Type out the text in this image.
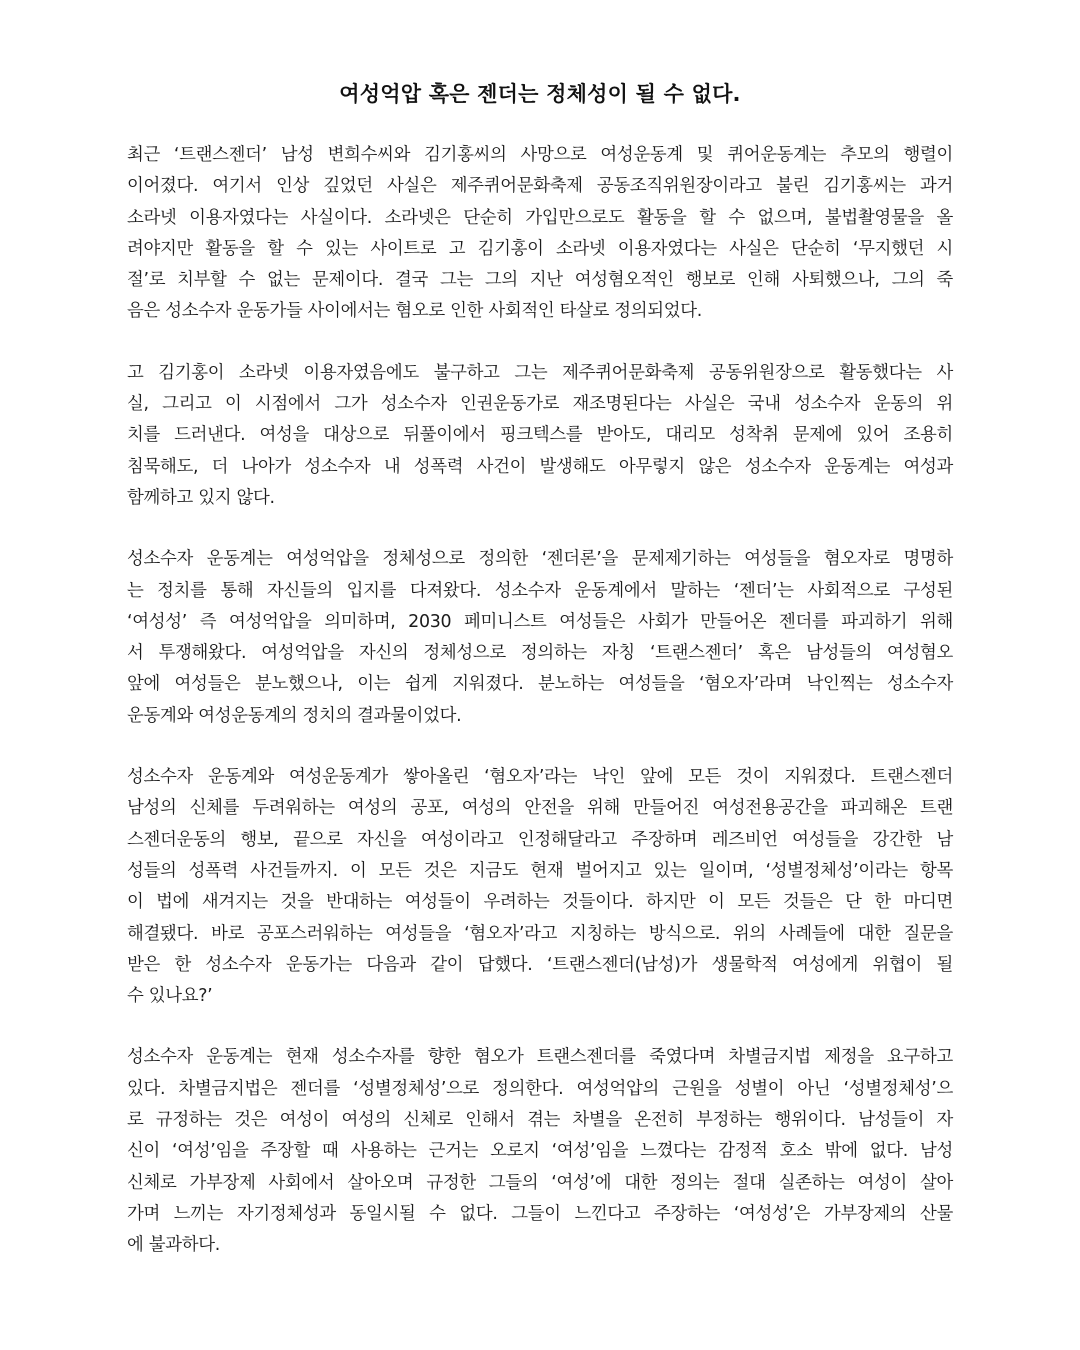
여성억압 혹은 젠더는 정체성이 될 수 없다.

최근 ‘트랜스젠더’ 남성 변희수씨와 김기홍씨의 사망으로 여성운동계 및 퀴어운동계는 추모의 행렬이
이어졌다. 여기서 인상 깊었던 사실은 제주퀴어문화축제 공동조직위원장이라고 불린 김기홍씨는 과거
소라넷 이용자였다는 사실이다. 소라넷은 단순히 가입만으로도 활동을 할 수 없으며, 불법촬영물을 올
려야지만 활동을 할 수 있는 사이트로 고 김기홍이 소라넷 이용자였다는 사실은 단순히 ‘무지했던 시
절’로 치부할 수 없는 문제이다. 결국 그는 그의 지난 여성혐오적인 행보로 인해 사퇴했으나, 그의 죽
음은 성소수자 운동가들 사이에서는 혐오로 인한 사회적인 타살로 정의되었다.

고 김기홍이 소라넷 이용자였음에도 불구하고 그는 제주퀴어문화축제 공동위원장으로 활동했다는 사
실, 그리고 이 시점에서 그가 성소수자 인권운동가로 재조명된다는 사실은 국내 성소수자 운동의 위
치를 드러낸다. 여성을 대상으로 뒤풀이에서 핑크텍스를 받아도, 대리모 성착취 문제에 있어 조용히
침묵해도, 더 나아가 성소수자 내 성폭력 사건이 발생해도 아무렇지 않은 성소수자 운동계는 여성과
함께하고 있지 않다.

성소수자 운동계는 여성억압을 정체성으로 정의한 ‘젠더론’을 문제제기하는 여성들을 혐오자로 명명하
는 정치를 통해 자신들의 입지를 다져왔다. 성소수자 운동계에서 말하는 ‘젠더’는 사회적으로 구성된
‘여성성’ 즉 여성억압을 의미하며, 2030 페미니스트 여성들은 사회가 만들어온 젠더를 파괴하기 위해
서 투쟁해왔다. 여성억압을 자신의 정체성으로 정의하는 자칭 ‘트랜스젠더’ 혹은 남성들의 여성혐오
앞에 여성들은 분노했으나, 이는 쉽게 지워졌다. 분노하는 여성들을 ‘혐오자’라며 낙인찍는 성소수자
운동계와 여성운동계의 정치의 결과물이었다.

성소수자 운동계와 여성운동계가 쌓아올린 ‘혐오자’라는 낙인 앞에 모든 것이 지워졌다. 트랜스젠더
남성의 신체를 두려워하는 여성의 공포, 여성의 안전을 위해 만들어진 여성전용공간을 파괴해온 트랜
스젠더운동의 행보, 끝으로 자신을 여성이라고 인정해달라고 주장하며 레즈비언 여성들을 강간한 남
성들의 성폭력 사건들까지. 이 모든 것은 지금도 현재 벌어지고 있는 일이며, ‘성별정체성’이라는 항목
이 법에 새겨지는 것을 반대하는 여성들이 우려하는 것들이다. 하지만 이 모든 것들은 단 한 마디면
해결됐다. 바로 공포스러워하는 여성들을 ‘혐오자’라고 지칭하는 방식으로. 위의 사례들에 대한 질문을
받은 한 성소수자 운동가는 다음과 같이 답했다. ‘트랜스젠더(남성)가 생물학적 여성에게 위협이 될
수 있나요?’

성소수자 운동계는 현재 성소수자를 향한 혐오가 트랜스젠더를 죽였다며 차별금지법 제정을 요구하고
있다. 차별금지법은 젠더를 ‘성별정체성’으로 정의한다. 여성억압의 근원을 성별이 아닌 ‘성별정체성’으
로 규정하는 것은 여성이 여성의 신체로 인해서 겪는 차별을 온전히 부정하는 행위이다. 남성들이 자
신이 ‘여성’임을 주장할 때 사용하는 근거는 오로지 ‘여성’임을 느꼈다는 감정적 호소 밖에 없다. 남성
신체로 가부장제 사회에서 살아오며 규정한 그들의 ‘여성’에 대한 정의는 절대 실존하는 여성이 살아
가며 느끼는 자기정체성과 동일시될 수 없다. 그들이 느낀다고 주장하는 ‘여성성’은 가부장제의 산물
에 불과하다.
